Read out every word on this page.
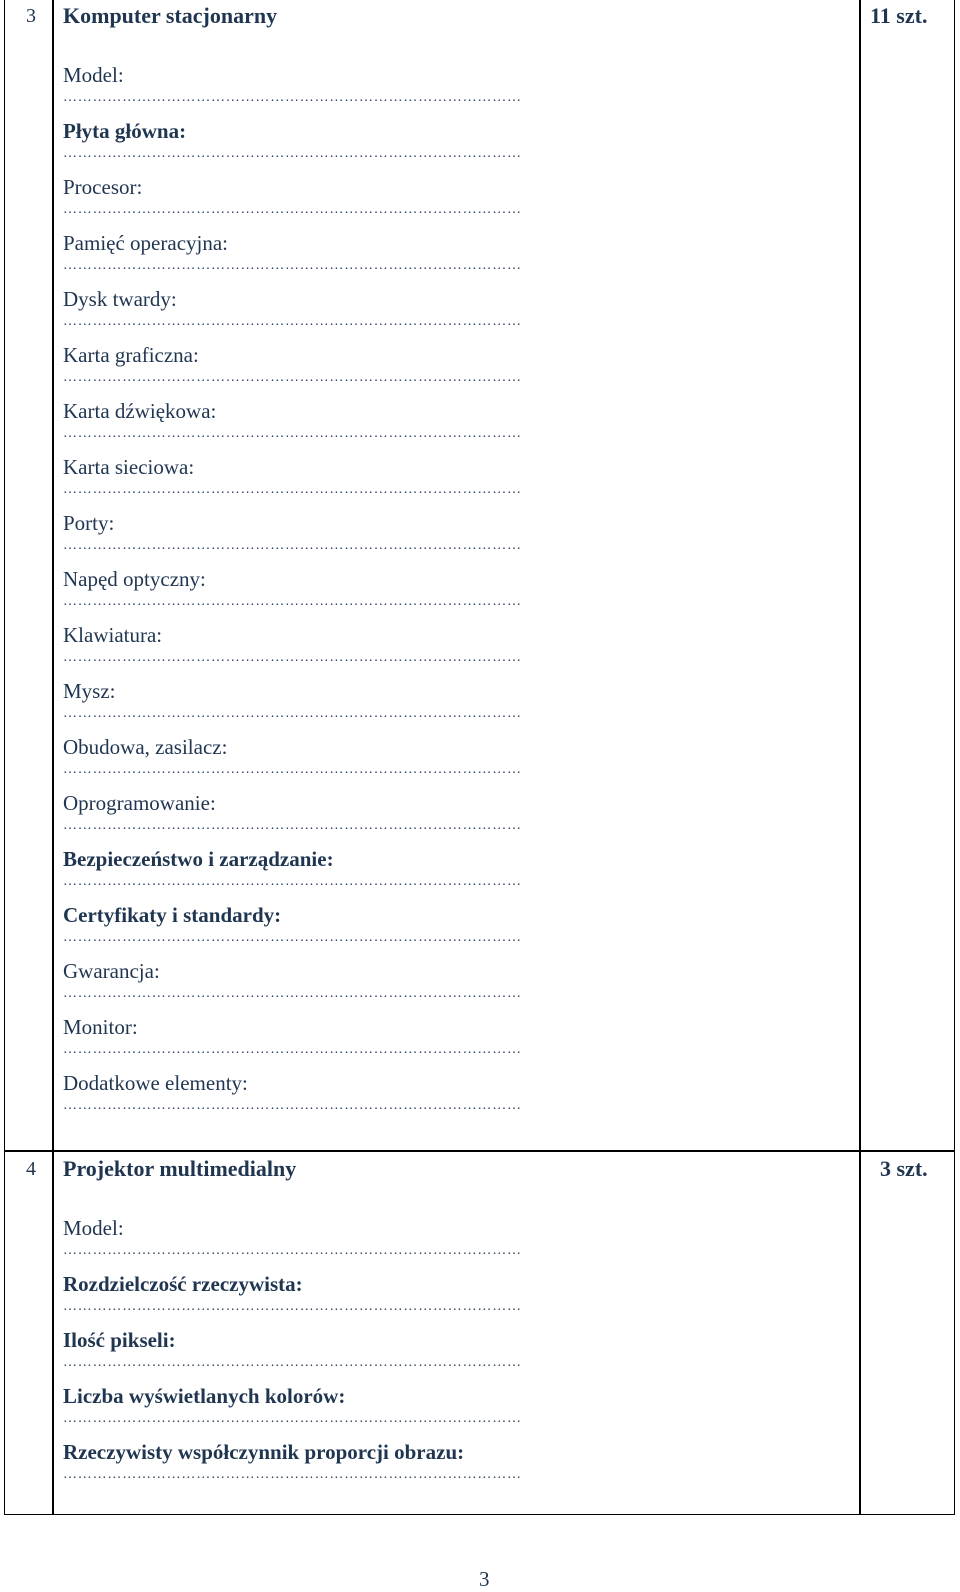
3 Komputer stacjonarny	11 szt.
Model:
…………………………………………………………………………………
Płyta główna:
…………………………………………………………………………………
Procesor:
…………………………………………………………………………………
Pamięć operacyjna:
…………………………………………………………………………………
Dysk twardy:
…………………………………………………………………………………
Karta graficzna:
…………………………………………………………………………………
Karta dźwiękowa:
…………………………………………………………………………………
Karta sieciowa:
…………………………………………………………………………………
Porty:
…………………………………………………………………………………
Napęd optyczny:
…………………………………………………………………………………
Klawiatura:
…………………………………………………………………………………
Mysz:
…………………………………………………………………………………
Obudowa, zasilacz:
…………………………………………………………………………………
Oprogramowanie:
…………………………………………………………………………………
Bezpieczeństwo i zarządzanie:
…………………………………………………………………………………
Certyfikaty i standardy:
…………………………………………………………………………………
Gwarancja:
…………………………………………………………………………………
Monitor:
…………………………………………………………………………………
Dodatkowe elementy:
…………………………………………………………………………………
4 Projektor multimedialny	3 szt.
Model:
…………………………………………………………………………………
Rozdzielczość rzeczywista:
…………………………………………………………………………………
Ilość pikseli:
…………………………………………………………………………………
Liczba wyświetlanych kolorów:
…………………………………………………………………………………
Rzeczywisty współczynnik proporcji obrazu:
…………………………………………………………………………………
3
